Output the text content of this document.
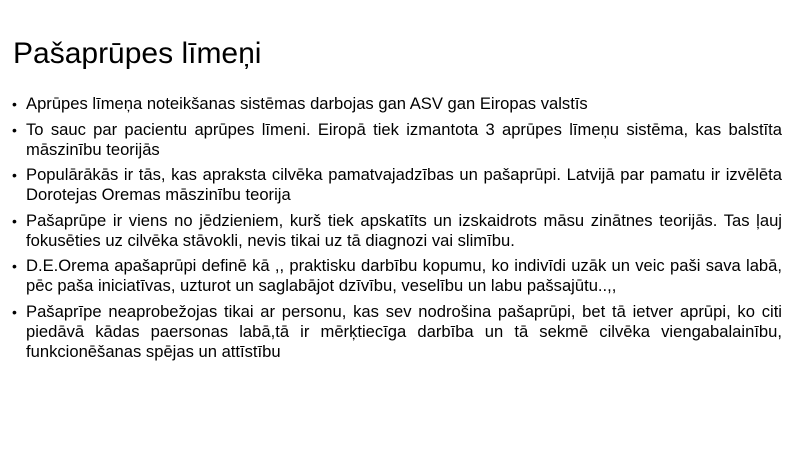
Pašaprūpes līmeņi
• Aprūpes līmeņa noteikšanas sistēmas darbojas gan ASV gan Eiropas valstīs
• To sauc par pacientu aprūpes līmeni. Eiropā tiek izmantota 3 aprūpes līmeņu sistēma, kas balstīta māszinību teorijās
• Populārākās ir tās, kas apraksta cilvēka pamatvajadzības un pašaprūpi. Latvijā par pamatu ir izvēlēta Dorotejas Oremas māszinību teorija
• Pašaprūpe ir viens no jēdzieniem, kurš tiek apskatīts un izskaidrots māsu zinātnes teorijās. Tas ļauj fokusēties uz cilvēka stāvokli, nevis tikai uz tā diagnozi vai slimību.
• D.E.Orema apašaprūpi definē kā ,, praktisku darbību kopumu, ko indivīdi uzāk un veic paši sava labā, pēc paša iniciatīvas, uzturot un saglabājot dzīvību, veselību un labu pašsajūtu..,,
• Pašaprīpe neaprobežojas tikai ar personu, kas sev nodrošina pašaprūpi, bet tā ietver aprūpi, ko citi piedāvā kādas paersonas labā,tā ir mērķtiecīga darbība un tā sekmē cilvēka viengabalainību, funkcionēšanas spējas un attīstību
